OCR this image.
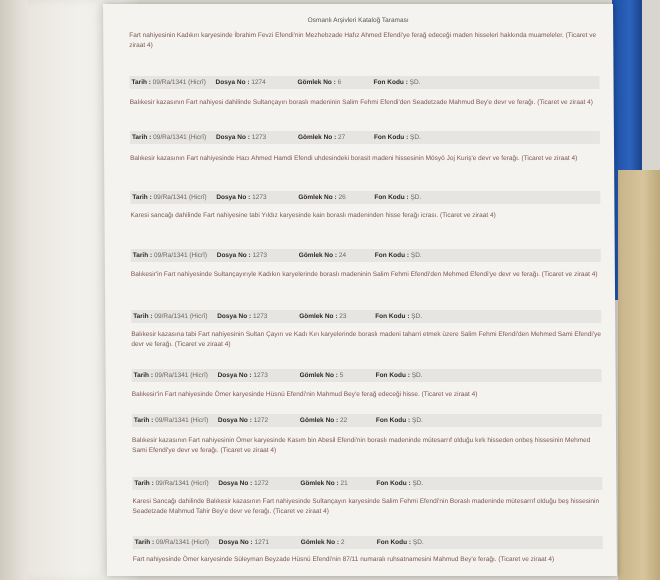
Osmanlı Arşivleri Kataloğ Taraması
Fart nahiyesinin Kadıkırı karyesinde İbrahim Fevzi Efendi'nin Mezhebzade Hafız Ahmed Efendi'ye ferağ edeceği maden hisseleri hakkında muameleler. (Ticaret ve ziraat 4)
Tarih : 09/Ra/1341 (Hicrî) Dosya No : 1274	Gömlek No : 6	Fon Kodu : ŞD.
Balıkesir kazasının Fart nahiyesi dahilinde Sultançayırı boraslı madeninin Salim Fehmi Efendi'den Seadetzade Mahmud Bey'e devr ve ferağı. (Ticaret ve ziraat 4)
Tarih : 09/Ra/1341 (Hicrî) Dosya No : 1273	Gömlek No : 27	Fon Kodu : ŞD.
Balıkesir kazasının Fart nahiyesinde Hacı Ahmed Hamdi Efendi uhdesindeki borasit madeni hissesinin Mösyö Joj Kuriş'e devr ve ferağı. (Ticaret ve ziraat 4)
Tarih : 09/Ra/1341 (Hicrî) Dosya No : 1273	Gömlek No : 26	Fon Kodu : ŞD.
Karesi sancağı dahilinde Fart nahiyesine tabi Yıldız karyesinde kain boraslı madeninden hisse ferağı icrası. (Ticaret ve ziraat 4)
Tarih : 09/Ra/1341 (Hicrî) Dosya No : 1273	Gömlek No : 24	Fon Kodu : ŞD.
Balıkesir'in Fart nahiyesinde Sultançayırıyle Kadıkırı karyelerinde boraslı madeninin Salim Fehmi Efendi'den Mehmed Efendi'ye devr ve ferağı. (Ticaret ve ziraat 4)
Tarih : 09/Ra/1341 (Hicrî) Dosya No : 1273	Gömlek No : 23	Fon Kodu : ŞD.
Balıkesir kazasına tabi Fart nahiyesinin Sultan Çayırı ve Kadı Kırı karyelerinde boraslı madeni taharri etmek üzere Salim Fehmi Efendi'den Mehmed Sami Efendi'ye devr ve ferağı. (Ticaret ve ziraat 4)
Tarih : 09/Ra/1341 (Hicrî) Dosya No : 1273	Gömlek No : 5	Fon Kodu : ŞD.
Balıkesir'in Fart nahiyesinde Ömer karyesinde Hüsnü Efendi'nin Mahmud Bey'e ferağ edeceği hisse. (Ticaret ve ziraat 4)
Tarih : 09/Ra/1341 (Hicrî) Dosya No : 1272	Gömlek No : 22	Fon Kodu : ŞD.
Balıkesir kazasının Fart nahiyesinin Ömer karyesinde Kasım bin Abesil Efendi'nin boraslı madeninde mütesarrıf olduğu kırk hisseden onbeş hissesinin Mehmed Sami Efendi'ye devr ve ferağı. (Ticaret ve ziraat 4)
Tarih : 09/Ra/1341 (Hicrî) Dosya No : 1272	Gömlek No : 21	Fon Kodu : ŞD.
Karesi Sancağı dahilinde Balıkesir kazasının Fart nahiyesinde Sultançayırı karyesinde Salim Fehmi Efendi'nin Boraslı madeninde mütesarrıf olduğu beş hissesinin Seadetzade Mahmud Tahir Bey'e devr ve ferağı. (Ticaret ve ziraat 4)
Tarih : 09/Ra/1341 (Hicrî) Dosya No : 1271	Gömlek No : 2	Fon Kodu : ŞD.
Fart nahiyesinde Ömer karyesinde Süleyman Beyzade Hüsnü Efendi'nin 87/11 numaralı ruhsatnamesini Mahmud Bey'e ferağı. (Ticaret ve ziraat 4)
